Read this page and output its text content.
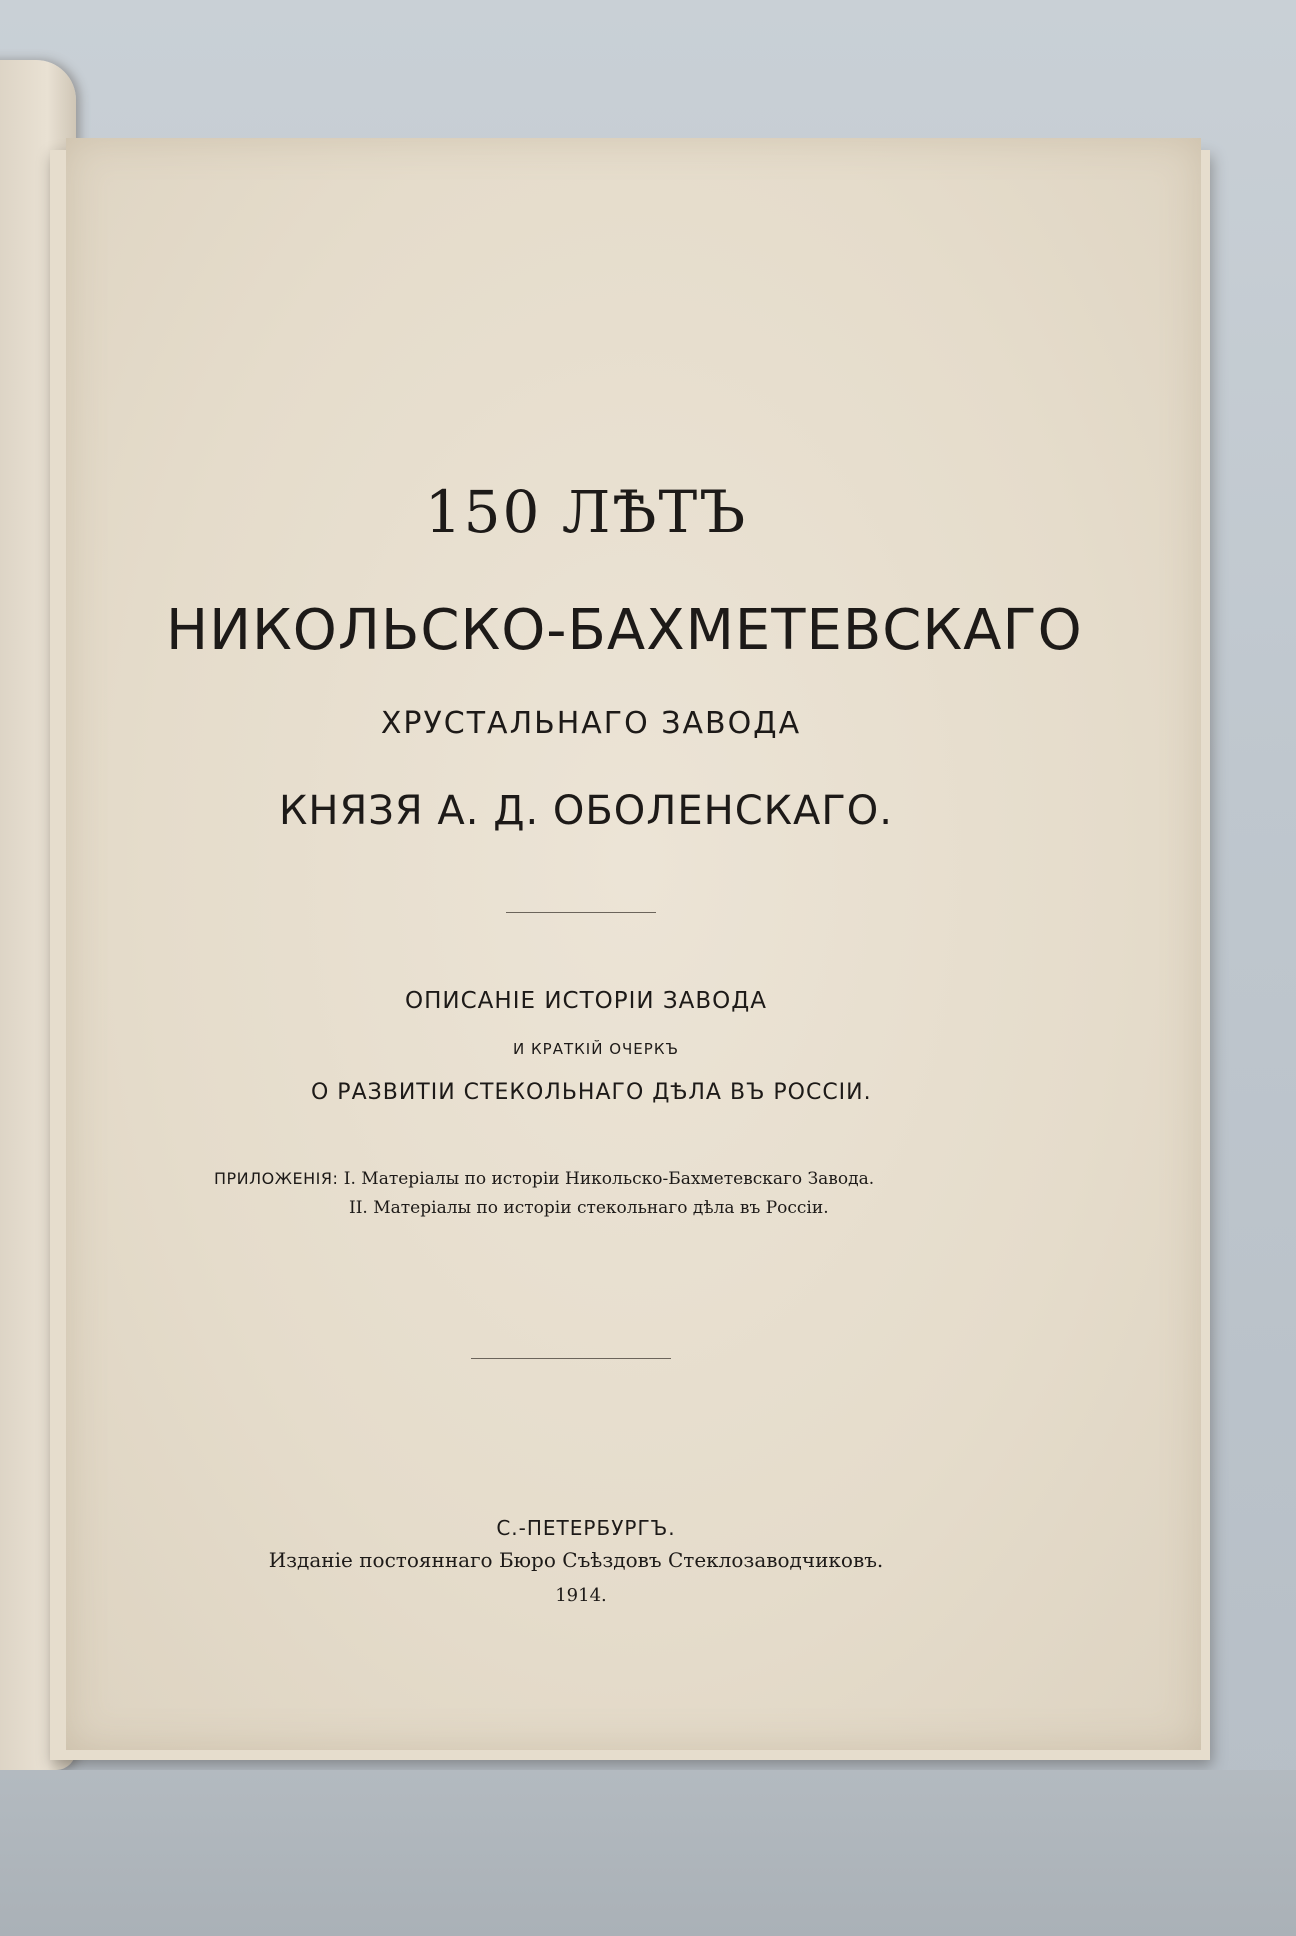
150 ЛѢТЪ
НИКОЛЬСКО-БАХМЕТЕВСКАГО
ХРУСТАЛЬНАГО ЗАВОДА
КНЯЗЯ А. Д. ОБОЛЕНСКАГО.
ОПИСАНІЕ ИСТОРІИ ЗАВОДА
И КРАТКІЙ ОЧЕРКЪ
О РАЗВИТІИ СТЕКОЛЬНАГО ДѢЛА ВЪ РОССІИ.
ПРИЛОЖЕНІЯ: I. Матеріалы по исторіи Никольско-Бахметевскаго Завода.
II. Матеріалы по исторіи стекольнаго дѣла въ Россіи.
С.-ПЕТЕРБУРГЪ.
Изданіе постояннаго Бюро Съѣздовъ Стеклозаводчиковъ.
1914.
